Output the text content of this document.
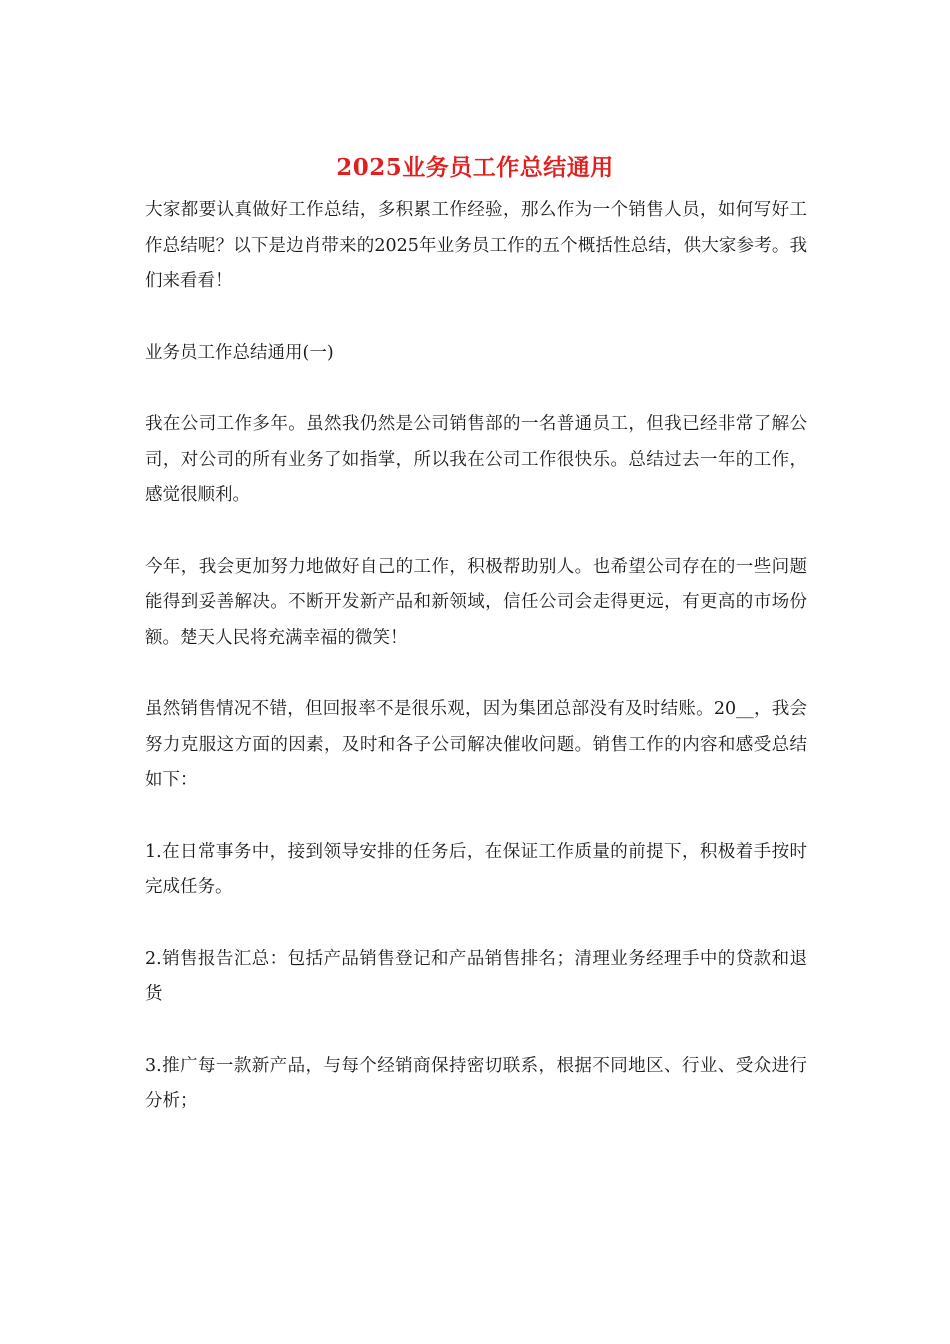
2025业务员工作总结通用

大家都要认真做好工作总结，多积累工作经验，那么作为一个销售人员，如何写好工作总结呢？以下是边肖带来的2025年业务员工作的五个概括性总结，供大家参考。我们来看看！

业务员工作总结通用(一)

我在公司工作多年。虽然我仍然是公司销售部的一名普通员工，但我已经非常了解公司，对公司的所有业务了如指掌，所以我在公司工作很快乐。总结过去一年的工作，感觉很顺利。

今年，我会更加努力地做好自己的工作，积极帮助别人。也希望公司存在的一些问题能得到妥善解决。不断开发新产品和新领域，信任公司会走得更远，有更高的市场份额。楚天人民将充满幸福的微笑！

虽然销售情况不错，但回报率不是很乐观，因为集团总部没有及时结账。20__，我会努力克服这方面的因素，及时和各子公司解决催收问题。销售工作的内容和感受总结如下：

1.在日常事务中，接到领导安排的任务后，在保证工作质量的前提下，积极着手按时完成任务。

2.销售报告汇总：包括产品销售登记和产品销售排名；清理业务经理手中的贷款和退货

3.推广每一款新产品，与每个经销商保持密切联系，根据不同地区、行业、受众进行分析；
